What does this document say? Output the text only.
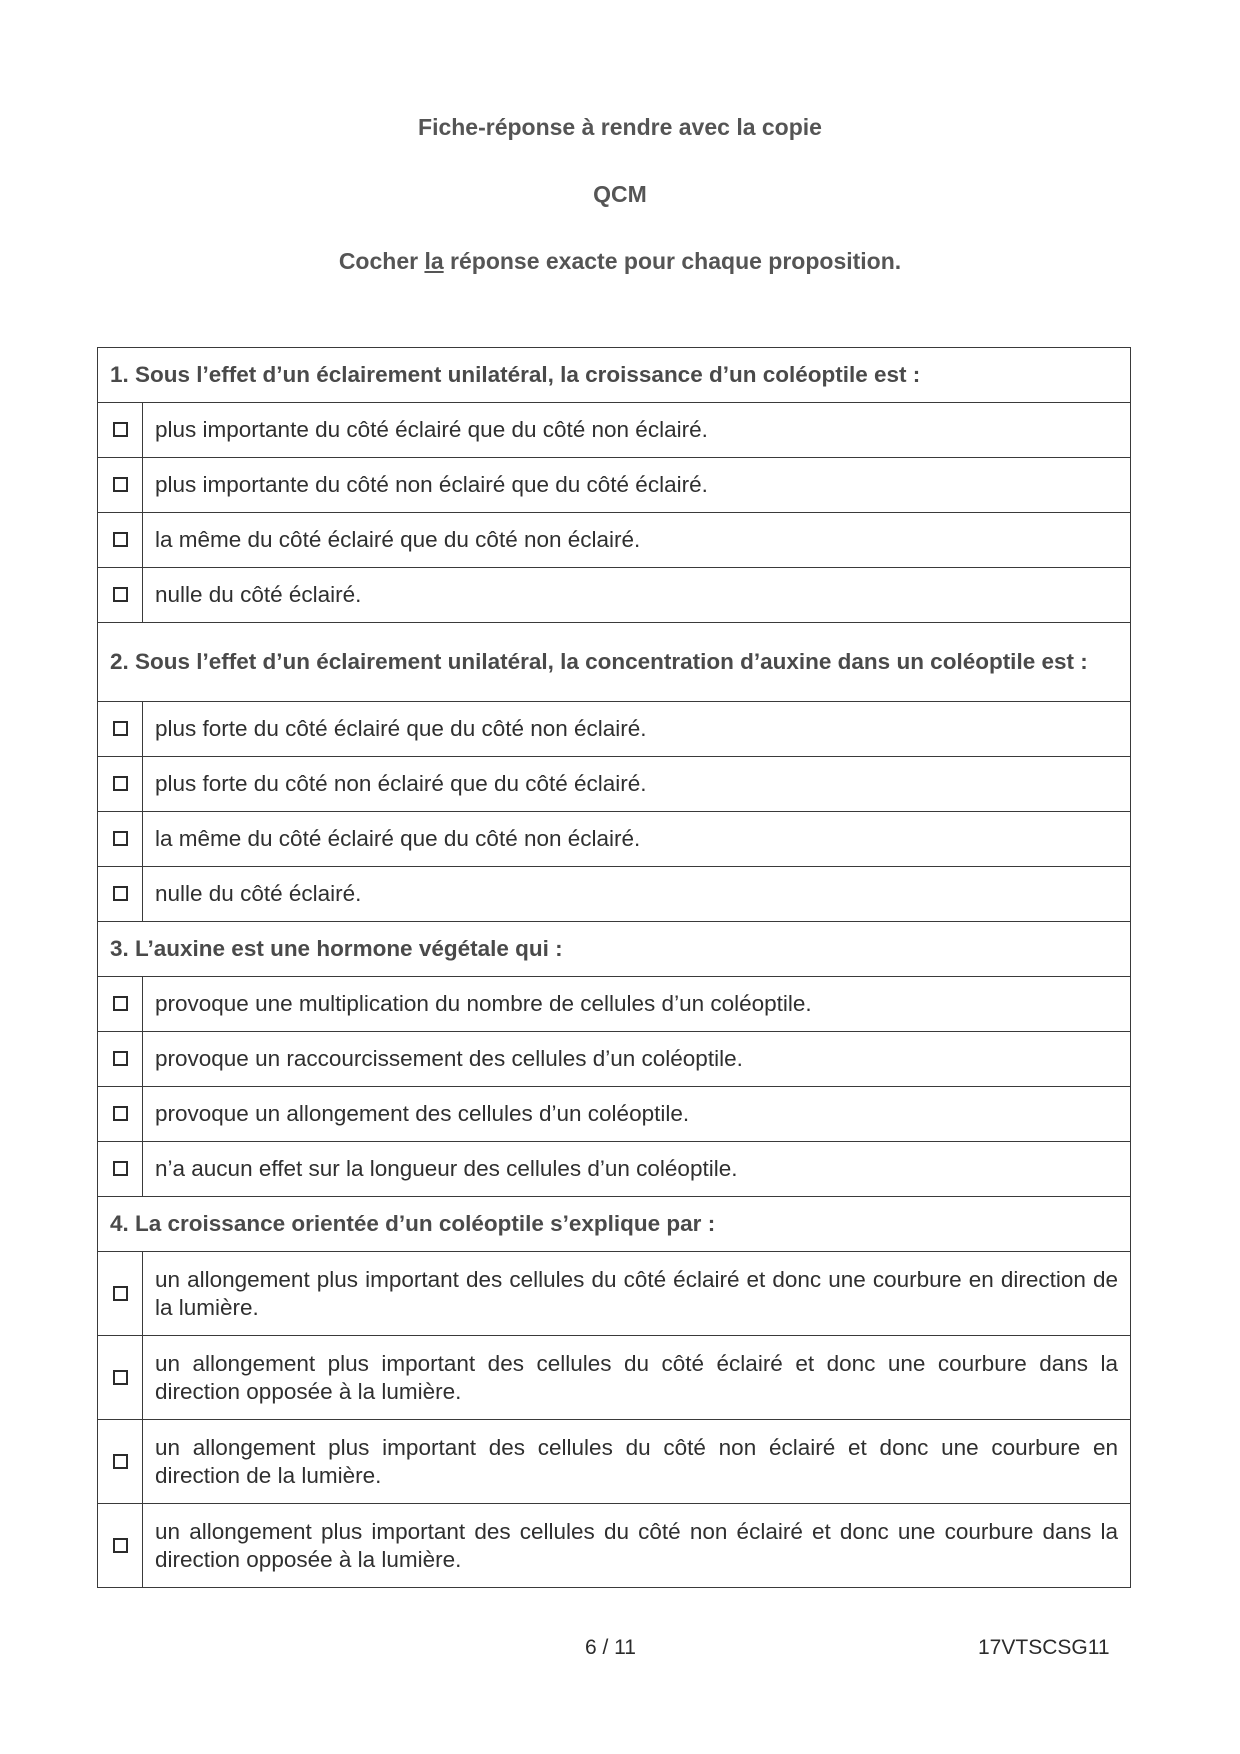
Fiche-réponse à rendre avec la copie
QCM
Cocher la réponse exacte pour chaque proposition.
1. Sous l’effet d’un éclairement unilatéral, la croissance d’un coléoptile est :	
	plus importante du côté éclairé que du côté non éclairé.
	plus importante du côté non éclairé que du côté éclairé.
	la même du côté éclairé que du côté non éclairé.
	nulle du côté éclairé.
2. Sous l’effet d’un éclairement unilatéral, la concentration d’auxine dans un coléoptile est :	
	plus forte du côté éclairé que du côté non éclairé.
	plus forte du côté non éclairé que du côté éclairé.
	la même du côté éclairé que du côté non éclairé.
	nulle du côté éclairé.
3. L’auxine est une hormone végétale qui :	
	provoque une multiplication du nombre de cellules d’un coléoptile.
	provoque un raccourcissement des cellules d’un coléoptile.
	provoque un allongement des cellules d’un coléoptile.
	n’a aucun effet sur la longueur des cellules d’un coléoptile.
4. La croissance orientée d’un coléoptile s’explique par :	
	un allongement plus important des cellules du côté éclairé et donc une courbure en direction de la lumière.
	un allongement plus important des cellules du côté éclairé et donc une courbure dans la direction opposée à la lumière.
	un allongement plus important des cellules du côté non éclairé et donc une courbure en direction de la lumière.
	un allongement plus important des cellules du côté non éclairé et donc une courbure dans la direction opposée à la lumière.
6 / 11	17VTSCSG11
